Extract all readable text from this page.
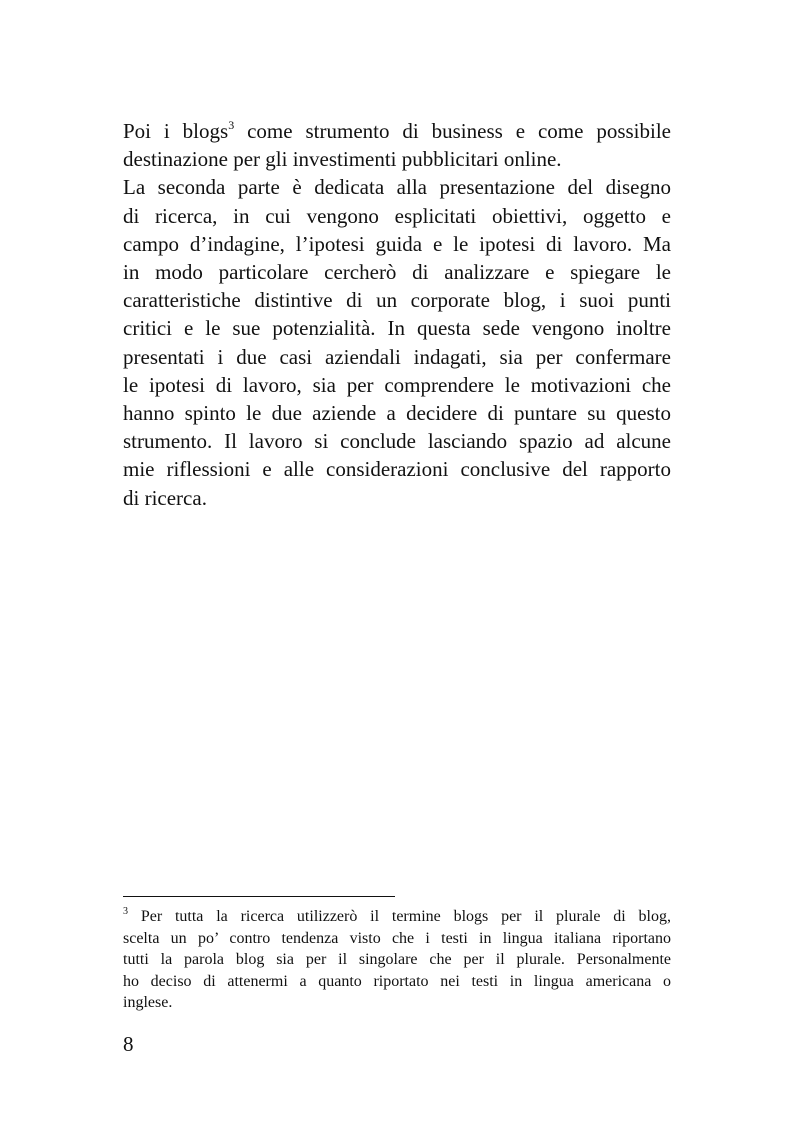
Poi i blogs$^3$ come strumento di business e come possibile
destinazione per gli investimenti pubblicitari online.
La seconda parte è dedicata alla presentazione del disegno
di ricerca, in cui vengono esplicitati obiettivi, oggetto e
campo d’indagine, l’ipotesi guida e le ipotesi di lavoro. Ma
in modo particolare cercherò di analizzare e spiegare le
caratteristiche distintive di un corporate blog, i suoi punti
critici e le sue potenzialità. In questa sede vengono inoltre
presentati i due casi aziendali indagati, sia per confermare
le ipotesi di lavoro, sia per comprendere le motivazioni che
hanno spinto le due aziende a decidere di puntare su questo
strumento. Il lavoro si conclude lasciando spazio ad alcune
mie riflessioni e alle considerazioni conclusive del rapporto
di ricerca.
$^3$ Per tutta la ricerca utilizzerò il termine blogs per il plurale di blog,
scelta un po’ contro tendenza visto che i testi in lingua italiana riportano
tutti la parola blog sia per il singolare che per il plurale. Personalmente
ho deciso di attenermi a quanto riportato nei testi in lingua americana o
inglese.
8
